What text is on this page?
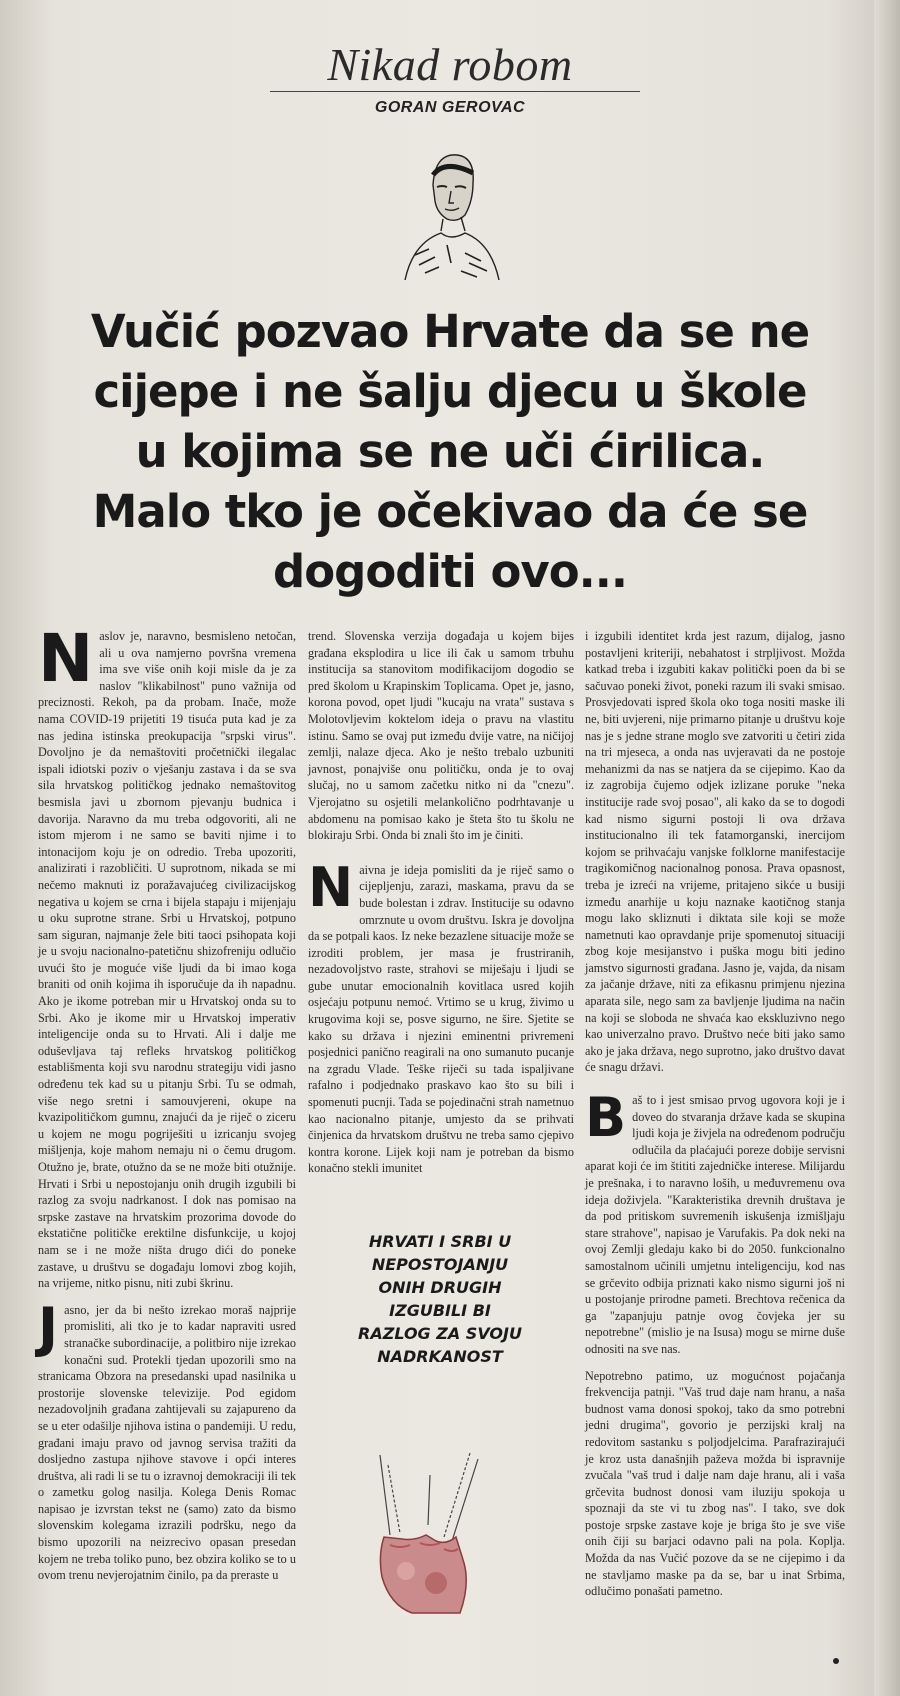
Nikad robom
GORAN GEROVAC
Vučić pozvao Hrvate da se ne cijepe i ne šalju djecu u škole u kojima se ne uči ćirilica. Malo tko je očekivao da će se dogoditi ovo...

Naslov je, naravno, besmisleno netočan, ali u ova namjerno površna vremena ima sve više onih koji misle da je za naslov "klikabilnost" puno važnija od preciznosti. Rekoh, pa da probam. Inače, može nama COVID-19 prijetiti 19 tisuća puta kad je za nas jedina istinska preokupacija "srpski virus". Dovoljno je da nemaštoviti pročetnički ilegalac ispali idiotski poziv o vješanju zastava i da se sva sila hrvatskog političkog jednako nemaštovitog besmisla javi u zbornom pjevanju budnica i davorija. Naravno da mu treba odgovoriti, ali ne istom mjerom i ne samo se baviti njime i to intonacijom koju je on odredio. Treba upozoriti, analizirati i razobličiti. U suprotnom, nikada se mi nečemo maknuti iz poražavajućeg civilizacijskog negativa u kojem se crna i bijela stapaju i mijenjaju u oku suprotne strane. Srbi u Hrvatskoj, potpuno sam siguran, najmanje žele biti taoci psihopata koji je u svoju nacionalno-patetičnu shizofreniju odlučio uvući što je moguće više ljudi da bi imao koga braniti od onih kojima ih isporučuje da ih napadnu. Ako je ikome potreban mir u Hrvatskoj onda su to Srbi. Ako je ikome mir u Hrvatskoj imperativ inteligencije onda su to Hrvati. Ali i dalje me oduševljava taj refleks hrvatskog političkog establišmenta koji svu narodnu strategiju vidi jasno određenu tek kad su u pitanju Srbi. Tu se odmah, više nego sretni i samouvjereni, okupe na kvazipolitičkom gumnu, znajući da je riječ o ziceru u kojem ne mogu pogriješiti u izricanju svojeg mišljenja, koje mahom nemaju ni o čemu drugom. Otužno je, brate, otužno da se ne može biti otužnije. Hrvati i Srbi u nepostojanju onih drugih izgubili bi razlog za svoju nadrkanost. I dok nas pomisao na srpske zastave na hrvatskim prozorima dovode do ekstatične političke erektilne disfunkcije, u kojoj nam se i ne može ništa drugo dići do poneke zastave, u društvu se događaju lomovi zbog kojih, na vrijeme, nitko pisnu, niti zubi škrinu.

Jasno, jer da bi nešto izrekao moraš najprije promisliti, ali tko je to kadar napraviti usred stranačke subordinacije, a politbiro nije izrekao konačni sud. Protekli tjedan upozorili smo na stranicama Obzora na presedanski upad nasilnika u prostorije slovenske televizije. Pod egidom nezadovoljnih građana zahtijevali su zajapureno da se u eter odašilje njihova istina o pandemiji. U redu, građani imaju pravo od javnog servisa tražiti da dosljedno zastupa njihove stavove i opći interes društva, ali radi li se tu o izravnoj demokraciji ili tek o zametku golog nasilja. Kolega Denis Romac napisao je izvrstan tekst ne (samo) zato da bismo slovenskim kolegama izrazili podršku, nego da bismo upozorili na neizrecivo opasan presedan kojem ne treba toliko puno, bez obzira koliko se to u ovom trenu nevjerojatnim činilo, pa da preraste u

trend. Slovenska verzija događaja u kojem bijes građana eksplodira u lice ili čak u samom trbuhu institucija sa stanovitom modifikacijom dogodio se pred školom u Krapinskim Toplicama. Opet je, jasno, korona povod, opet ljudi "kucaju na vrata" sustava s Molotovljevim koktelom ideja o pravu na vlastitu istinu. Samo se ovaj put između dvije vatre, na ničijoj zemlji, nalaze djeca. Ako je nešto trebalo uzbuniti javnost, ponajviše onu političku, onda je to ovaj slučaj, no u samom začetku nitko ni da "cnezu". Vjerojatno su osjetili melankolično podrhtavanje u abdomenu na pomisao kako je šteta što tu školu ne blokiraju Srbi. Onda bi znali što im je činiti.

Naivna je ideja pomisliti da je riječ samo o cijepljenju, zarazi, maskama, pravu da se bude bolestan i zdrav. Institucije su odavno omrznute u ovom društvu. Iskra je dovoljna da se potpali kaos. Iz neke bezazlene situacije može se izroditi problem, jer masa je frustriranih, nezadovoljstvo raste, strahovi se miješaju i ljudi se gube unutar emocionalnih kovitlaca usred kojih osjećaju potpunu nemoć. Vrtimo se u krug, živimo u krugovima koji se, posve sigurno, ne šire. Sjetite se kako su država i njezini eminentni privremeni posjednici panično reagirali na ono sumanuto pucanje na zgradu Vlade. Teške riječi su tada ispaljivane rafalno i podjednako praskavo kao što su bili i spomenuti pucnji. Tada se pojedinačni strah nametnuo kao nacionalno pitanje, umjesto da se prihvati činjenica da hrvatskom društvu ne treba samo cjepivo kontra korone. Lijek koji nam je potreban da bismo konačno stekli imunitet

HRVATI I SRBI U NEPOSTOJANJU ONIH DRUGIH IZGUBILI BI RAZLOG ZA SVOJU NADRKANOST

i izgubili identitet krda jest razum, dijalog, jasno postavljeni kriteriji, nebahatost i strpljivost. Možda katkad treba i izgubiti kakav politički poen da bi se sačuvao poneki život, poneki razum ili svaki smisao. Prosvjedovati ispred škola oko toga nositi maske ili ne, biti uvjereni, nije primarno pitanje u društvu koje nas je s jedne strane moglo sve zatvoriti u četiri zida na tri mjeseca, a onda nas uvjeravati da ne postoje mehanizmi da nas se natjera da se cijepimo. Kao da iz zagrobija čujemo odjek izlizane poruke "neka institucije rade svoj posao", ali kako da se to dogodi kad nismo sigurni postoji li ova država institucionalno ili tek fatamorganski, inercijom kojom se prihvaćaju vanjske folklorne manifestacije tragikomičnog nacionalnog ponosa. Prava opasnost, treba je izreći na vrijeme, pritajeno sikće u busiji između anarhije u koju naznake kaotičnog stanja mogu lako skliznuti i diktata sile koji se može nametnuti kao opravdanje prije spomenutoj situaciji zbog koje mesijanstvo i puška mogu biti jedino jamstvo sigurnosti građana. Jasno je, vajda, da nisam za jačanje države, niti za efikasnu primjenu njezina aparata sile, nego sam za bavljenje ljudima na način na koji se sloboda ne shvaća kao ekskluzivno nego kao univerzalno pravo. Društvo neće biti jako samo ako je jaka država, nego suprotno, jako društvo davat će snagu državi.

Baš to i jest smisao prvog ugovora koji je i doveo do stvaranja države kada se skupina ljudi koja je živjela na određenom području odlučila da plaćajući poreze dobije servisni aparat koji će im štititi zajedničke interese. Milijardu je prešnaka, i to naravno loših, u međuvremenu ova ideja doživjela. "Karakteristika drevnih društava je da pod pritiskom suvremenih iskušenja izmišljaju stare strahove", napisao je Varufakis. Pa dok neki na ovoj Zemlji gledaju kako bi do 2050. funkcionalno samostalnom učinili umjetnu inteligenciju, kod nas se grčevito odbija priznati kako nismo sigurni još ni u postojanje prirodne pameti. Brechtova rečenica da ga "zapanjuju patnje ovog čovjeka jer su nepotrebne" (mislio je na Isusa) mogu se mirne duše odnositi na sve nas.

Nepotrebno patimo, uz mogućnost pojačanja frekvencija patnji. "Vaš trud daje nam hranu, a naša budnost vama donosi spokoj, tako da smo potrebni jedni drugima", govorio je perzijski kralj na redovitom sastanku s poljodjelcima. Parafrazirajući je kroz usta današnjih paževa možda bi ispravnije zvučala "vaš trud i dalje nam daje hranu, ali i vaša grčevita budnost donosi vam iluziju spokoja u spoznaji da ste vi tu zbog nas". I tako, sve dok postoje srpske zastave koje je briga što je sve više onih čiji su barjaci odavno pali na pola. Koplja. Možda da nas Vučić pozove da se ne cijepimo i da ne stavljamo maske pa da se, bar u inat Srbima, odlučimo ponašati pametno.
